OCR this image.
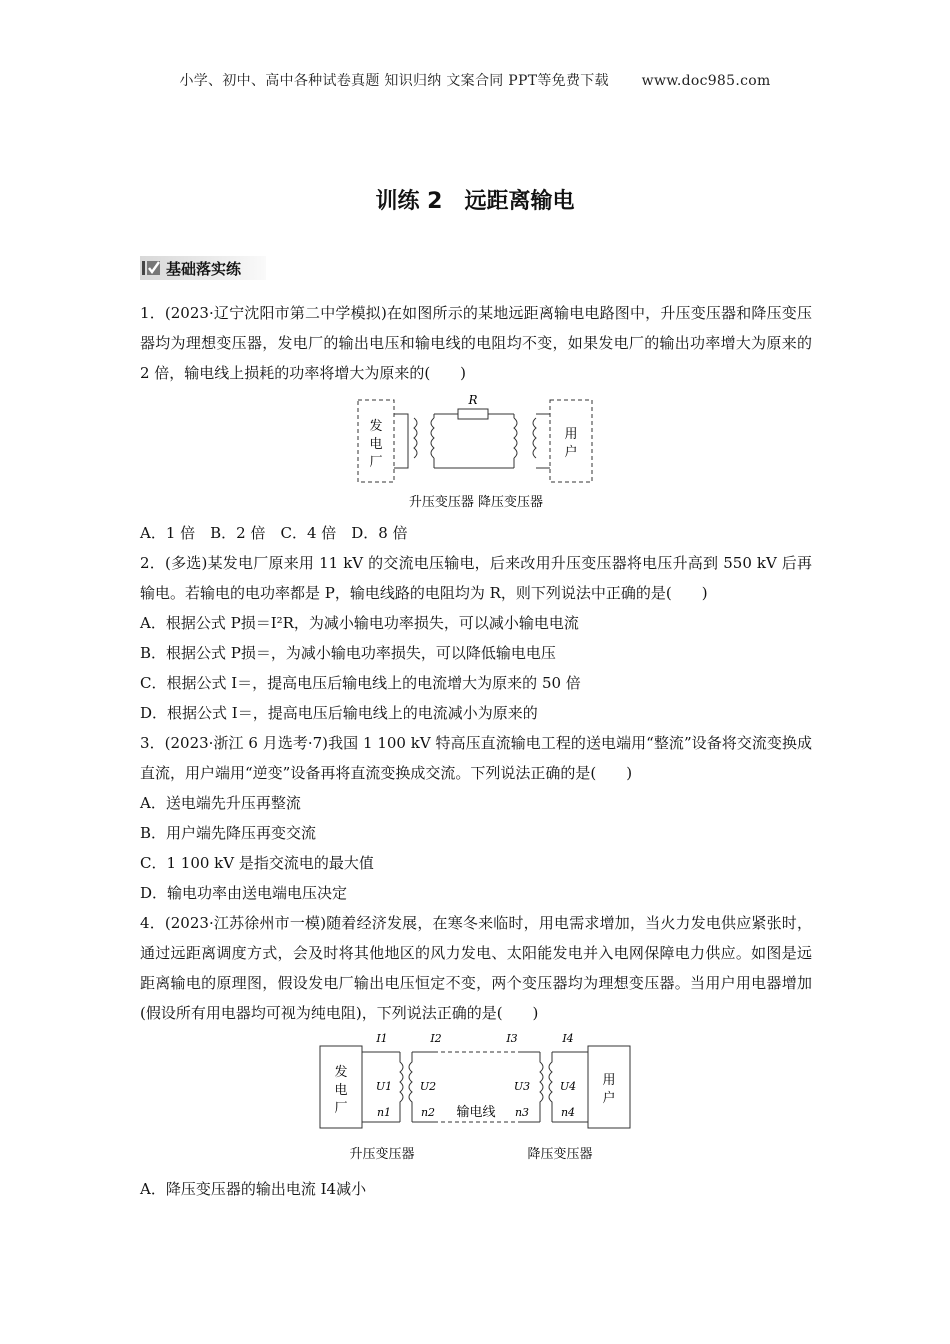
小学、初中、高中各种试卷真题 知识归纳 文案合同 PPT等免费下载 www.doc985.com
训练 2　远距离输电
基础落实练

1．(2023·辽宁沈阳市第二中学模拟)在如图所示的某地远距离输电电路图中，升压变压器和降压变压器均为理想变压器，发电厂的输出电压和输电线的电阻均不变，如果发电厂的输出功率增大为原来的 2 倍，输电线上损耗的功率将增大为原来的(　　)

发
电
厂
R
用
户
升压变压器 降压变压器

A．1 倍　B．2 倍　C．4 倍　D．8 倍

2．(多选)某发电厂原来用 11 kV 的交流电压输电，后来改用升压变压器将电压升高到 550 kV 后再输电。若输电的电功率都是 P，输电线路的电阻均为 R，则下列说法中正确的是(　　)

A．根据公式 P损＝I²R，为减小输电功率损失，可以减小输电电流

B．根据公式 P损＝，为减小输电功率损失，可以降低输电电压

C．根据公式 I＝，提高电压后输电线上的电流增大为原来的 50 倍

D．根据公式 I＝，提高电压后输电线上的电流减小为原来的

3．(2023·浙江 6 月选考·7)我国 1 100 kV 特高压直流输电工程的送电端用“整流”设备将交流变换成直流，用户端用“逆变”设备再将直流变换成交流。下列说法正确的是(　　)

A．送电端先升压再整流

B．用户端先降压再变交流

C．1 100 kV 是指交流电的最大值

D．输电功率由送电端电压决定

4．(2023·江苏徐州市一模)随着经济发展，在寒冬来临时，用电需求增加，当火力发电供应紧张时，通过远距离调度方式，会及时将其他地区的风力发电、太阳能发电并入电网保障电力供应。如图是远距离输电的原理图，假设发电厂输出电压恒定不变，两个变压器均为理想变压器。当用户用电器增加(假设所有用电器均可视为纯电阻)，下列说法正确的是(　　)

发
电
厂
用
户
I1	I2	I3	I4
U1	U2	U3	U4
n1	n2	n3	n4
输电线
升压变压器	降压变压器

A．降压变压器的输出电流 I4减小
